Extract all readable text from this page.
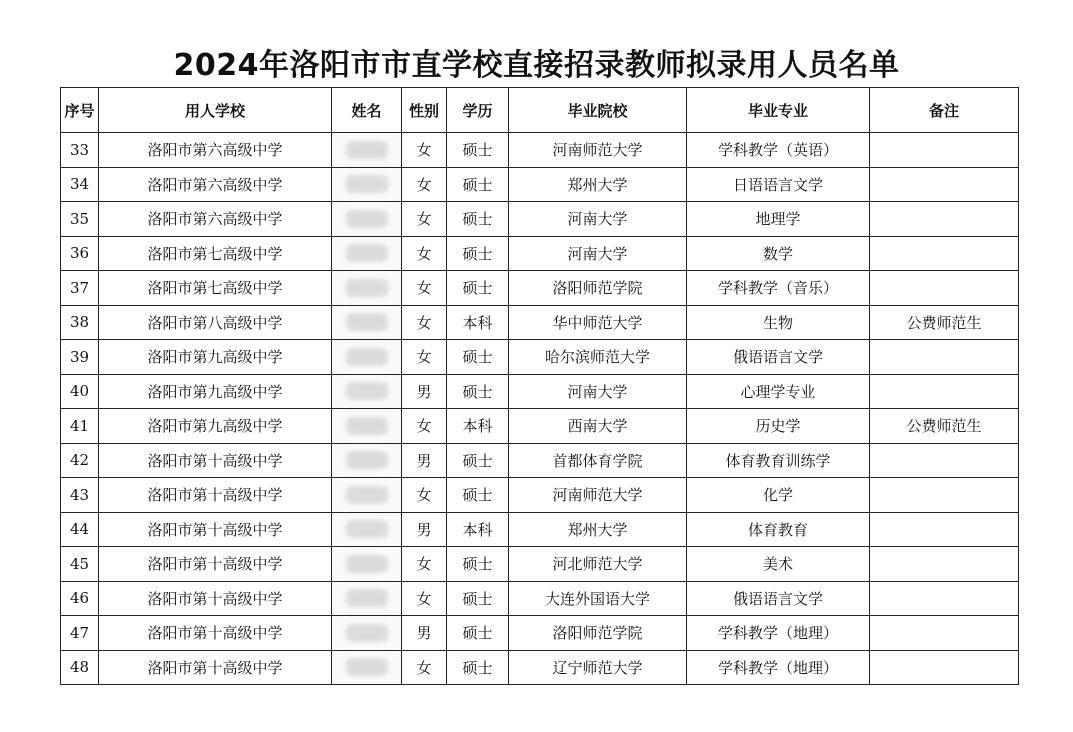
2024年洛阳市市直学校直接招录教师拟录用人员名单
序号	用人学校	姓名	性别	学历	毕业院校	毕业专业	备注
33	洛阳市第六高级中学		女	硕士	河南师范大学	学科教学（英语）	
34	洛阳市第六高级中学		女	硕士	郑州大学	日语语言文学	
35	洛阳市第六高级中学		女	硕士	河南大学	地理学	
36	洛阳市第七高级中学		女	硕士	河南大学	数学	
37	洛阳市第七高级中学		女	硕士	洛阳师范学院	学科教学（音乐）	
38	洛阳市第八高级中学		女	本科	华中师范大学	生物	公费师范生
39	洛阳市第九高级中学		女	硕士	哈尔滨师范大学	俄语语言文学	
40	洛阳市第九高级中学		男	硕士	河南大学	心理学专业	
41	洛阳市第九高级中学		女	本科	西南大学	历史学	公费师范生
42	洛阳市第十高级中学		男	硕士	首都体育学院	体育教育训练学	
43	洛阳市第十高级中学		女	硕士	河南师范大学	化学	
44	洛阳市第十高级中学		男	本科	郑州大学	体育教育	
45	洛阳市第十高级中学		女	硕士	河北师范大学	美术	
46	洛阳市第十高级中学		女	硕士	大连外国语大学	俄语语言文学	
47	洛阳市第十高级中学		男	硕士	洛阳师范学院	学科教学（地理）	
48	洛阳市第十高级中学		女	硕士	辽宁师范大学	学科教学（地理）	
